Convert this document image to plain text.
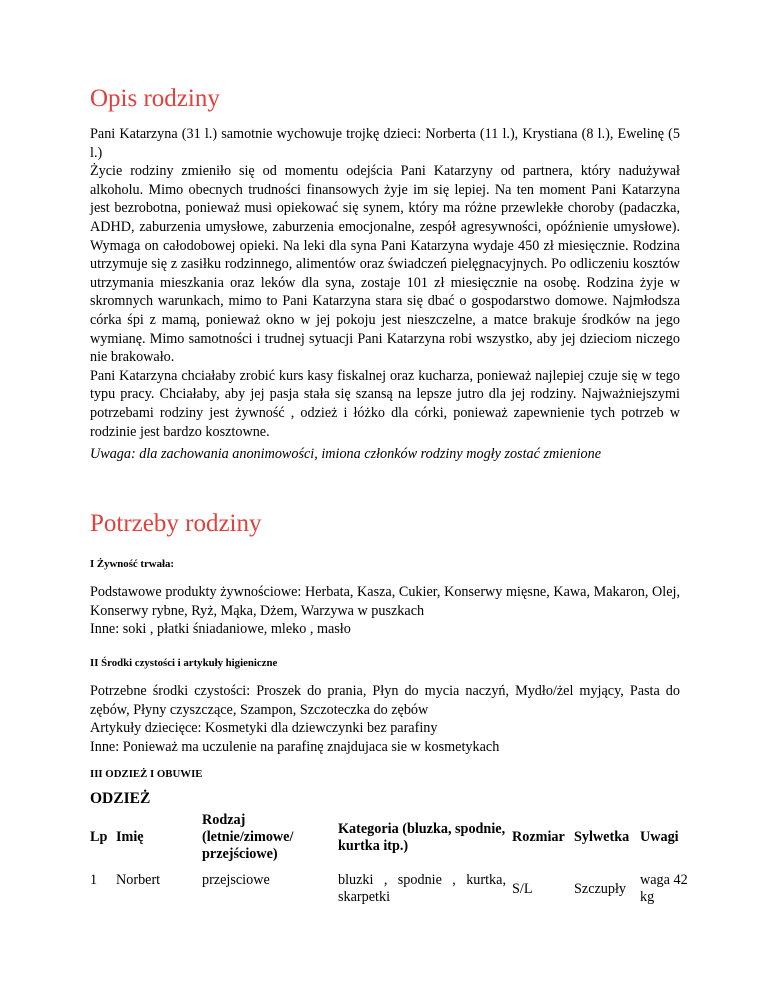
Opis rodziny

Pani Katarzyna (31 l.) samotnie wychowuje trojkę dzieci: Norberta (11 l.), Krystiana (8 l.), Ewelinę (5 l.)

Życie rodziny zmieniło się od momentu odejścia Pani Katarzyny od partnera, który nadużywał alkoholu. Mimo obecnych trudności finansowych żyje im się lepiej. Na ten moment Pani Katarzyna jest bezrobotna, ponieważ musi opiekować się synem, który ma różne przewlekłe choroby (padaczka, ADHD, zaburzenia umysłowe, zaburzenia emocjonalne, zespół agresywności, opóźnienie umysłowe). Wymaga on całodobowej opieki. Na leki dla syna Pani Katarzyna wydaje 450 zł miesięcznie. Rodzina utrzymuje się z zasiłku rodzinnego, alimentów oraz świadczeń pielęgnacyjnych. Po odliczeniu kosztów utrzymania mieszkania oraz leków dla syna, zostaje 101 zł miesięcznie na osobę. Rodzina żyje w skromnych warunkach, mimo to Pani Katarzyna stara się dbać o gospodarstwo domowe. Najmłodsza córka śpi z mamą, ponieważ okno w jej pokoju jest nieszczelne, a matce brakuje środków na jego wymianę. Mimo samotności i trudnej sytuacji Pani Katarzyna robi wszystko, aby jej dzieciom niczego nie brakowało.

Pani Katarzyna chciałaby zrobić kurs kasy fiskalnej oraz kucharza, ponieważ najlepiej czuje się w tego typu pracy. Chciałaby, aby jej pasja stała się szansą na lepsze jutro dla jej rodziny. Najważniejszymi potrzebami rodziny jest żywność , odzież i łóżko dla córki, ponieważ zapewnienie tych potrzeb w rodzinie jest bardzo kosztowne.

Uwaga: dla zachowania anonimowości, imiona członków rodziny mogły zostać zmienione

Potrzeby rodziny

I Żywność trwała:

Podstawowe produkty żywnościowe: Herbata, Kasza, Cukier, Konserwy mięsne, Kawa, Makaron, Olej, Konserwy rybne, Ryż, Mąka, Dżem, Warzywa w puszkach

Inne: soki , płatki śniadaniowe, mleko , masło

II Środki czystości i artykuły higieniczne

Potrzebne środki czystości: Proszek do prania, Płyn do mycia naczyń, Mydło/żel myjący, Pasta do zębów, Płyny czyszczące, Szampon, Szczoteczka do zębów

Artykuły dziecięce: Kosmetyki dla dziewczynki bez parafiny

Inne: Ponieważ ma uczulenie na parafinę znajdujaca sie w kosmetykach

III ODZIEŻ I OBUWIE

ODZIEŻ

Lp	Imię	Rodzaj (letnie/zimowe/ przejściowe)	Kategoria (bluzka, spodnie, kurtka itp.)	Rozmiar	Sylwetka	Uwagi
1	Norbert	przejsciowe	bluzki , spodnie , kurtka, skarpetki	S/L	Szczupły	waga 42 kg
